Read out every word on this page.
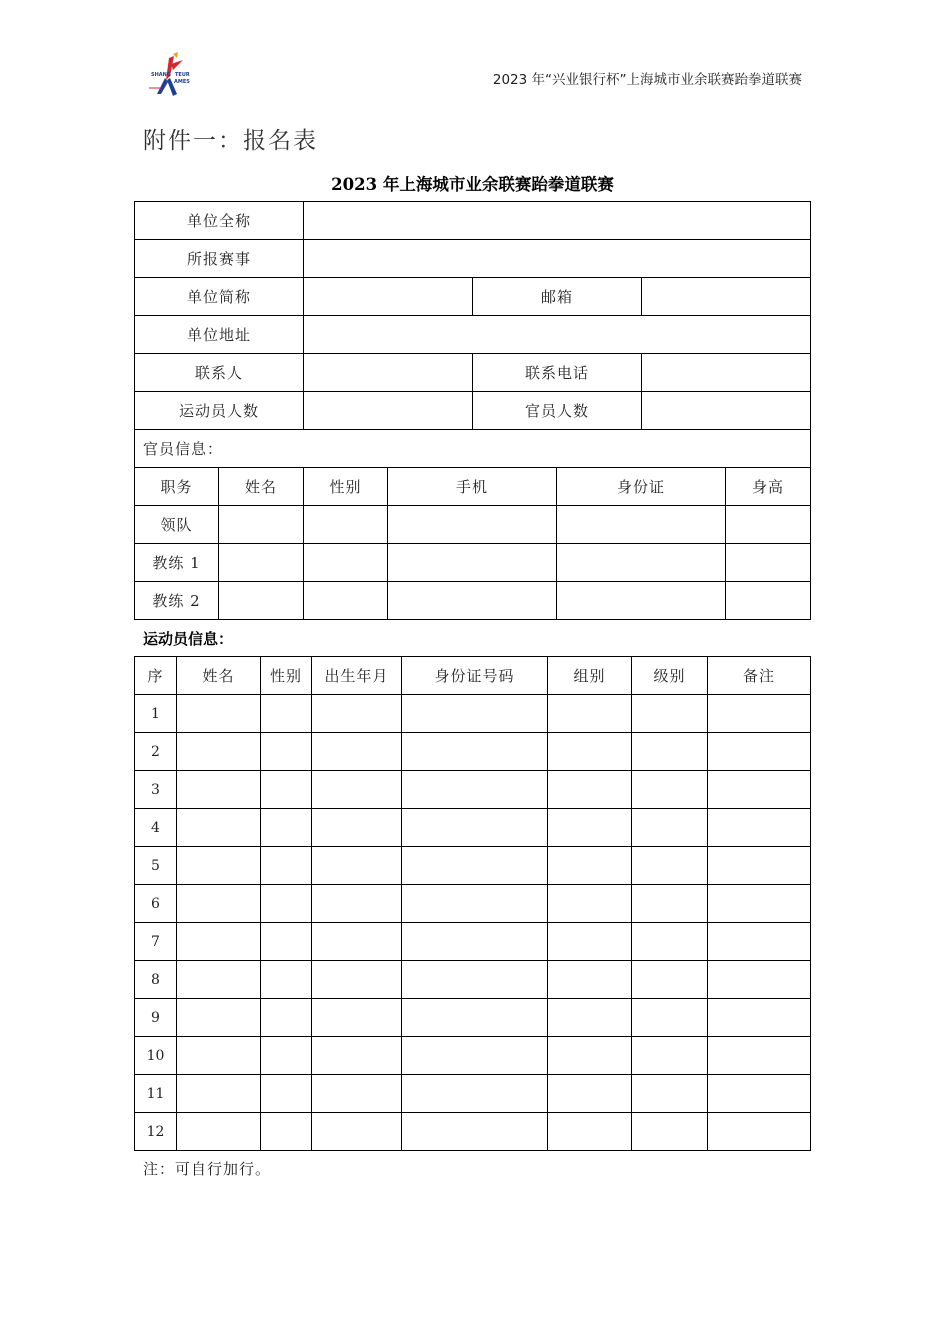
SHANG TEUR
AMES	2023 年“兴业银行杯”上海城市业余联赛跆拳道联赛
附件一：报名表
2023 年上海城市业余联赛跆拳道联赛
单位全称							
所报赛事							
单位简称				邮箱			
单位地址							
联系人				联系电话			
运动员人数				官员人数			
官员信息：							
职务	姓名	性别	手机		身份证		身高
领队							
教练 1							
教练 2							
运动员信息：
序	姓名	性别	出生年月	身份证号码	组别	级别	备注
1							
2							
3							
4							
5							
6							
7							
8							
9							
10							
11							
12							
注：可自行加行。
